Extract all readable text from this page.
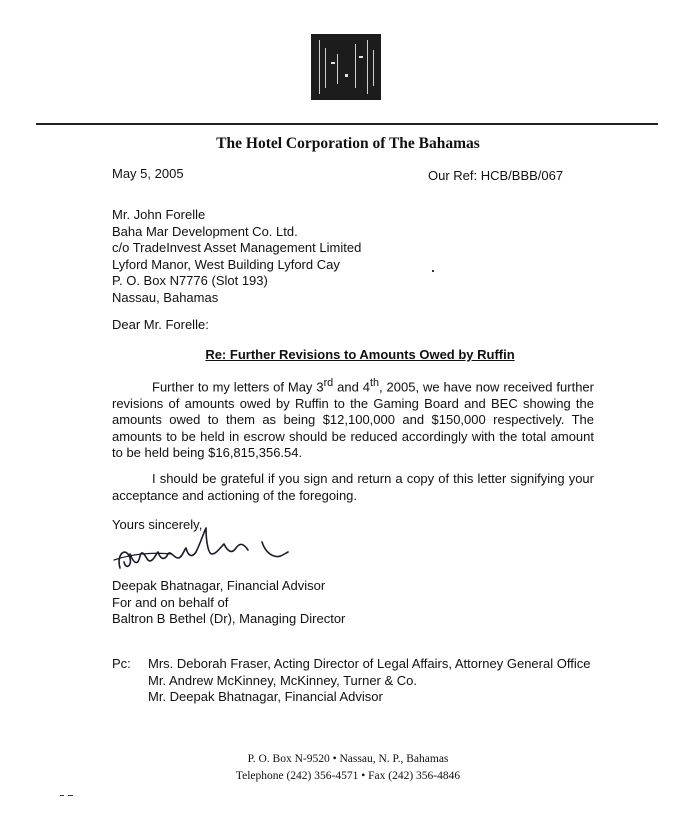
The Hotel Corporation of The Bahamas
May 5, 2005	Our Ref: HCB/BBB/067
Mr. John Forelle
Baha Mar Development Co. Ltd.
c/o TradeInvest Asset Management Limited
Lyford Manor, West Building Lyford Cay
P. O. Box N7776 (Slot 193)
Nassau, Bahamas
Dear Mr. Forelle:
Re: Further Revisions to Amounts Owed by Ruffin
Further to my letters of May 3rd and 4th, 2005, we have now received further revisions of amounts owed by Ruffin to the Gaming Board and BEC showing the amounts owed to them as being $12,100,000 and $150,000 respectively. The amounts to be held in escrow should be reduced accordingly with the total amount to be held being $16,815,356.54.
I should be grateful if you sign and return a copy of this letter signifying your acceptance and actioning of the foregoing.
Yours sincerely,
Deepak Bhatnagar, Financial Advisor
For and on behalf of
Baltron B Bethel (Dr), Managing Director
Pc: Mrs. Deborah Fraser, Acting Director of Legal Affairs, Attorney General Office
Mr. Andrew McKinney, McKinney, Turner & Co.
Mr. Deepak Bhatnagar, Financial Advisor
P. O. Box N-9520 • Nassau, N. P., Bahamas
Telephone (242) 356-4571 • Fax (242) 356-4846
